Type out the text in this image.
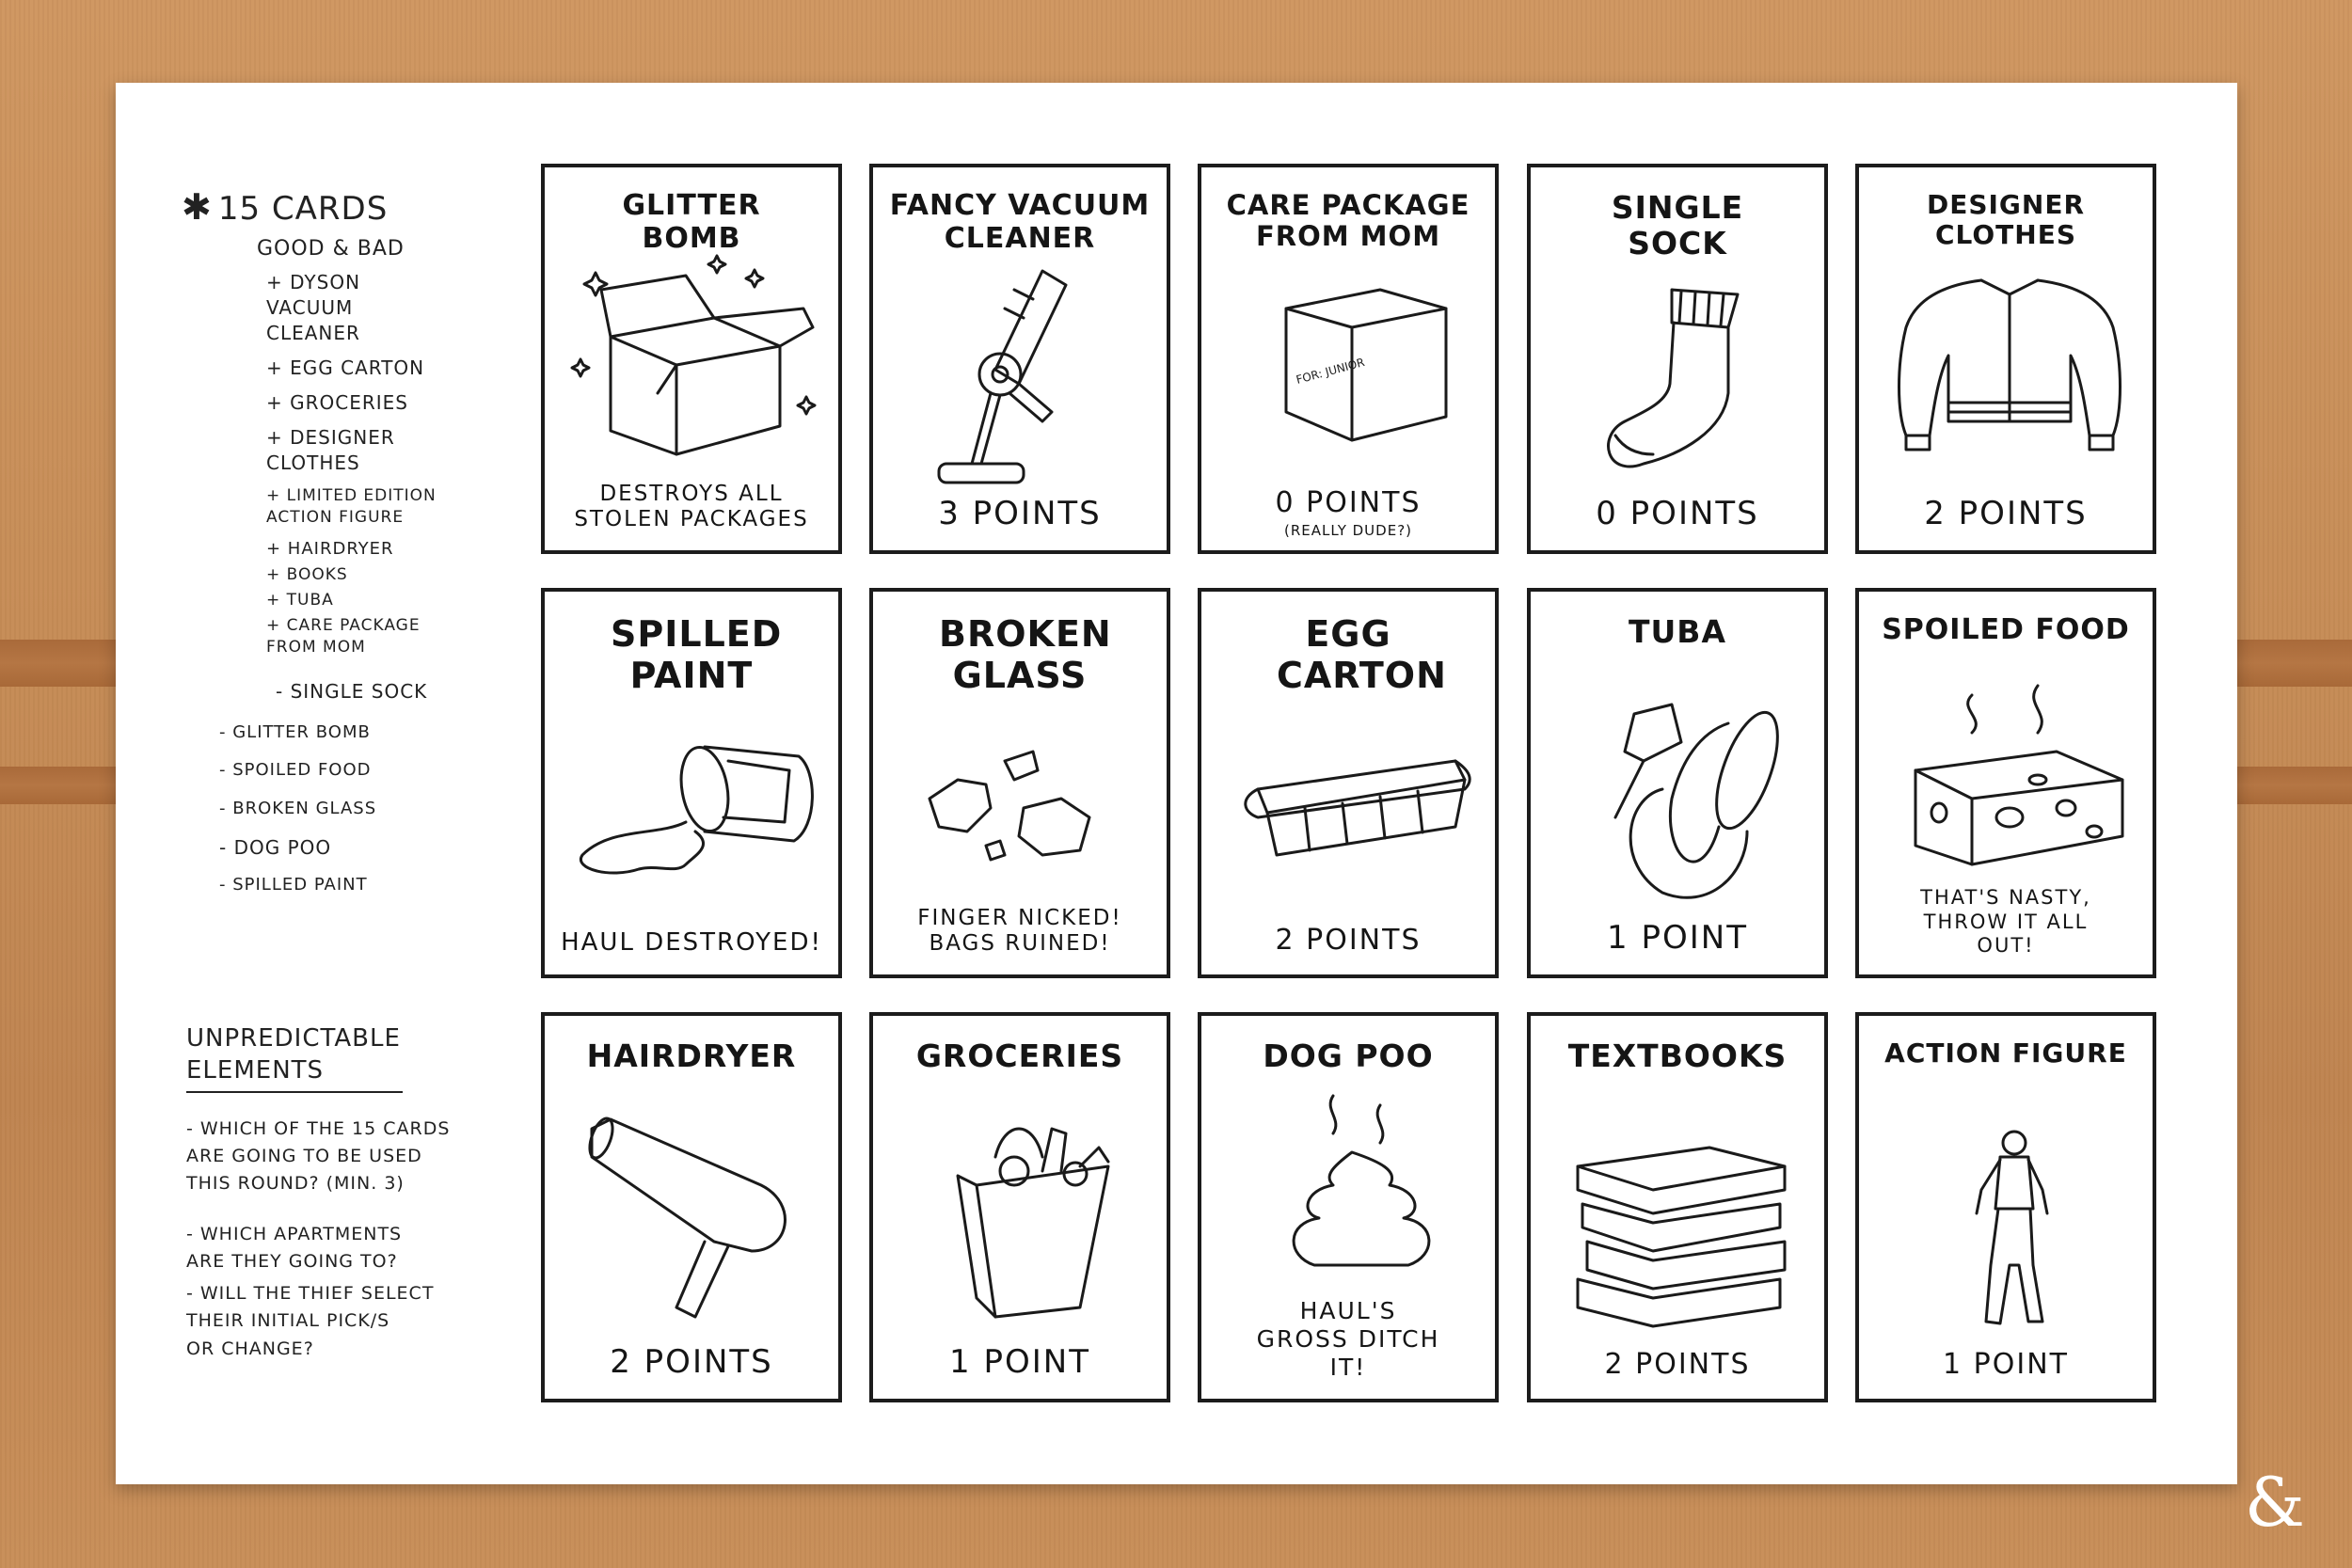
✱ 15 CARDS
GOOD & BAD
+ DYSON
VACUUM
CLEANER
+ EGG CARTON
+ GROCERIES
+ DESIGNER
CLOTHES
+ LIMITED EDITION
ACTION FIGURE
+ HAIRDRYER
+ BOOKS
+ TUBA
+ CARE PACKAGE
FROM MOM
- SINGLE SOCK
- GLITTER BOMB
- SPOILED FOOD
- BROKEN GLASS
- DOG POO
- SPILLED PAINT
UNPREDICTABLE ELEMENTS
- WHICH OF THE 15 CARDS
ARE GOING TO BE USED
THIS ROUND? (MIN. 3)
- WHICH APARTMENTS
ARE THEY GOING TO?
- WILL THE THIEF SELECT
THEIR INITIAL PICK/S
OR CHANGE?
GLITTER BOMB
DESTROYS ALL STOLEN PACKAGES
FANCY VACUUM CLEANER
3 POINTS
CARE PACKAGE FROM MOM
FOR: JUNIOR
0 POINTS
(REALLY DUDE?)
SINGLE SOCK
0 POINTS
DESIGNER CLOTHES
2 POINTS
SPILLED PAINT
HAUL DESTROYED!
BROKEN GLASS
FINGER NICKED! BAGS RUINED!
EGG CARTON
2 POINTS
TUBA
1 POINT
SPOILED FOOD
THAT'S NASTY, THROW IT ALL OUT!
HAIRDRYER
2 POINTS
GROCERIES
1 POINT
DOG POO
HAUL'S GROSS DITCH IT!
TEXTBOOKS
2 POINTS
ACTION FIGURE
1 POINT
&
